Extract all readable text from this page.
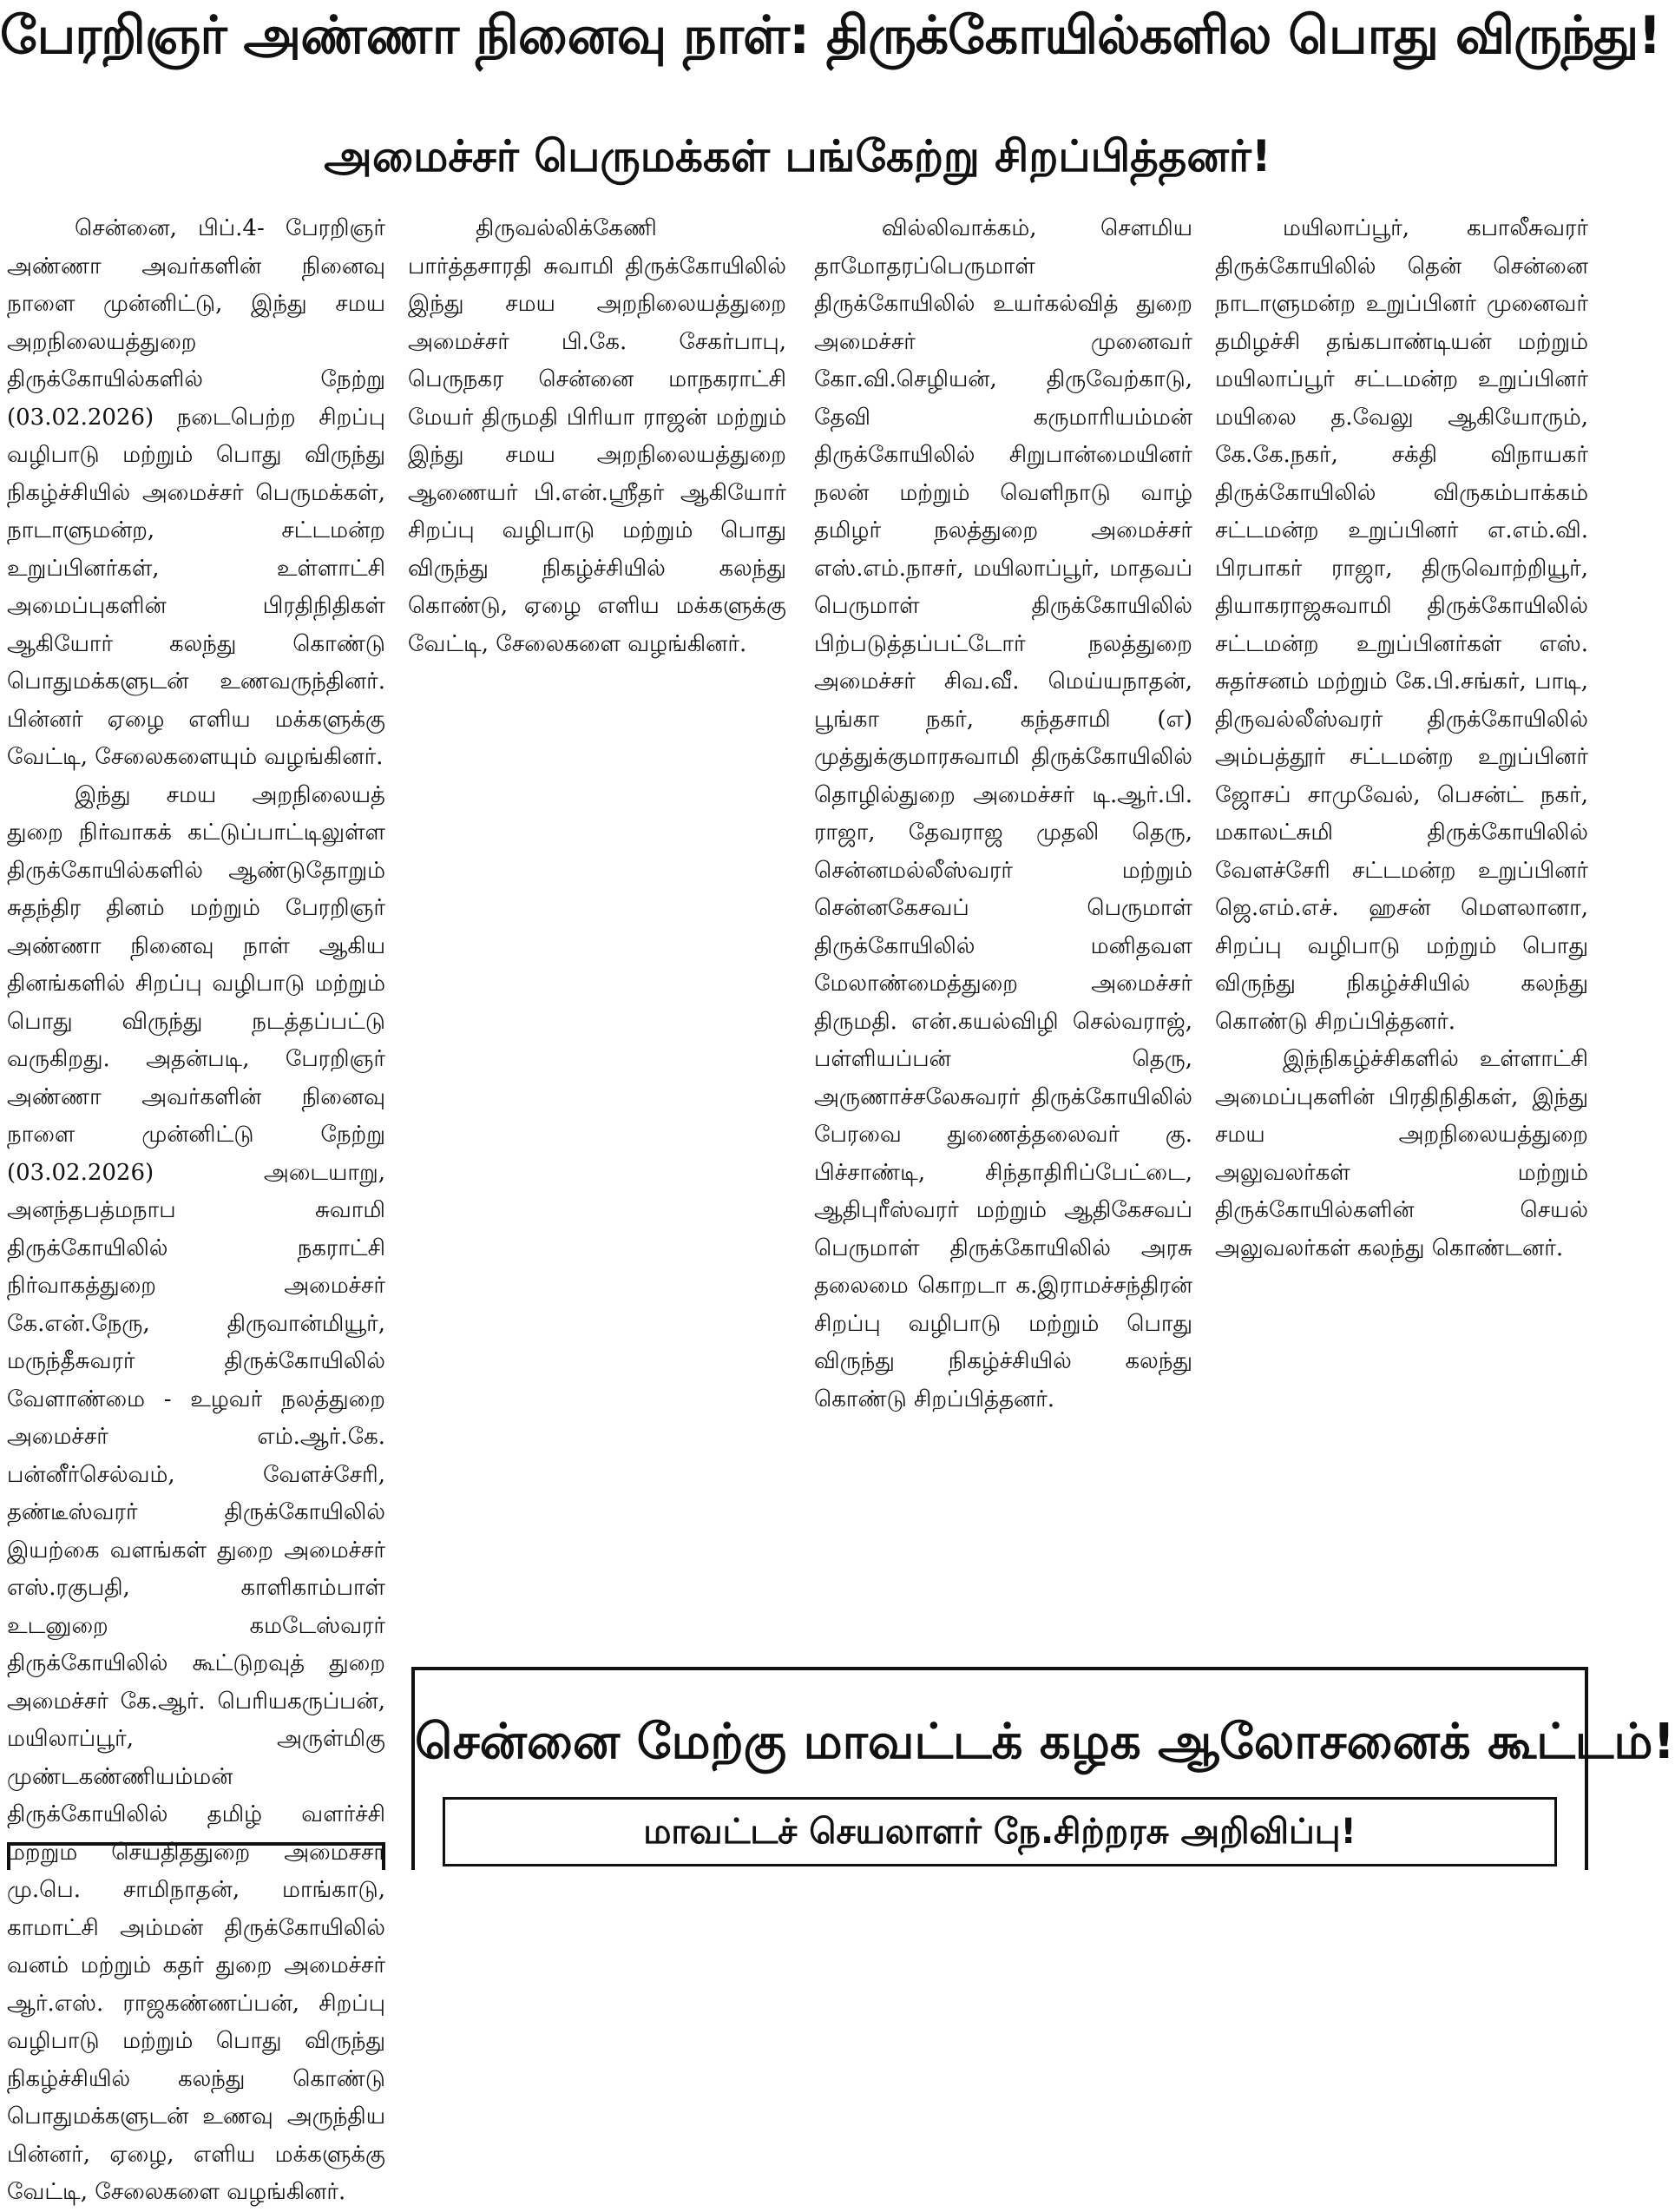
பேரறிஞர் அண்ணா நினைவு நாள்: திருக்கோயில்களில பொது விருந்து!
அமைச்சர் பெருமக்கள் பங்கேற்று சிறப்பித்தனர்!

சென்னை, பிப்.4- பேரறிஞர் அண்ணா அவர்களின் நினைவு நாளை முன்னிட்டு, இந்து சமய அறநிலையத்துறை திருக்கோயில்களில் நேற்று (03.02.2026) நடைபெற்ற சிறப்பு வழிபாடு மற்றும் பொது விருந்து நிகழ்ச்சியில் அமைச்சர் பெருமக்கள், நாடாளுமன்ற, சட்டமன்ற உறுப்பினர்கள், உள்ளாட்சி அமைப்புகளின் பிரதிநிதிகள் ஆகியோர் கலந்து கொண்டு பொதுமக்களுடன் உணவருந்தினர். பின்னர் ஏழை எளிய மக்களுக்கு வேட்டி, சேலைகளையும் வழங்கினர்.

இந்து சமய அறநிலையத் துறை நிர்வாகக் கட்டுப்பாட்டிலுள்ள திருக்கோயில்களில் ஆண்டுதோறும் சுதந்திர தினம் மற்றும் பேரறிஞர் அண்ணா நினைவு நாள் ஆகிய தினங்களில் சிறப்பு வழிபாடு மற்றும் பொது விருந்து நடத்தப்பட்டு வருகிறது. அதன்படி, பேரறிஞர் அண்ணா அவர்களின் நினைவு நாளை முன்னிட்டு நேற்று (03.02.2026) அடையாறு, அனந்தபத்மநாப சுவாமி திருக்கோயிலில் நகராட்சி நிர்வாகத்துறை அமைச்சர் கே.என்.நேரு, திருவான்மியூர், மருந்தீசுவரர் திருக்கோயிலில் வேளாண்மை - உழவர் நலத்துறை அமைச்சர் எம்.ஆர்.கே. பன்னீர்செல்வம், வேளச்சேரி, தண்டீஸ்வரர் திருக்கோயிலில் இயற்கை வளங்கள் துறை அமைச்சர் எஸ்.ரகுபதி, காளிகாம்பாள் உடனுறை கமடேஸ்வரர் திருக்கோயிலில் கூட்டுறவுத் துறை அமைச்சர் கே.ஆர். பெரியகருப்பன், மயிலாப்பூர், அருள்மிகு முண்டகண்ணியம்மன் திருக்கோயிலில் தமிழ் வளர்ச்சி மற்றும் செய்தித்துறை அமைச்சர் மு.பெ. சாமிநாதன், மாங்காடு, காமாட்சி அம்மன் திருக்கோயிலில் வனம் மற்றும் கதர் துறை அமைச்சர் ஆர்.எஸ். ராஜகண்ணப்பன், சிறப்பு வழிபாடு மற்றும் பொது விருந்து நிகழ்ச்சியில் கலந்து கொண்டு பொதுமக்களுடன் உணவு அருந்திய பின்னர், ஏழை, எளிய மக்களுக்கு வேட்டி, சேலைகளை வழங்கினர்.

திருவல்லிக்கேணி பார்த்தசாரதி சுவாமி திருக்கோயிலில் இந்து சமய அறநிலையத்துறை அமைச்சர் பி.கே. சேகர்பாபு, பெருநகர சென்னை மாநகராட்சி மேயர் திருமதி பிரியா ராஜன் மற்றும் இந்து சமய அறநிலையத்துறை ஆணையர் பி.என்.ஸ்ரீதர் ஆகியோர் சிறப்பு வழிபாடு மற்றும் பொது விருந்து நிகழ்ச்சியில் கலந்து கொண்டு, ஏழை எளிய மக்களுக்கு வேட்டி, சேலைகளை வழங்கினர்.

வில்லிவாக்கம், சௌமிய தாமோதரப்பெருமாள் திருக்கோயிலில் உயர்கல்வித் துறை அமைச்சர் முனைவர் கோ.வி.செழியன், திருவேற்காடு, தேவி கருமாரியம்மன் திருக்கோயிலில் சிறுபான்மையினர் நலன் மற்றும் வெளிநாடு வாழ் தமிழர் நலத்துறை அமைச்சர் எஸ்.எம்.நாசர், மயிலாப்பூர், மாதவப் பெருமாள் திருக்கோயிலில் பிற்படுத்தப்பட்டோர் நலத்துறை அமைச்சர் சிவ.வீ. மெய்யநாதன், பூங்கா நகர், கந்தசாமி (எ) முத்துக்குமாரசுவாமி திருக்கோயிலில் தொழில்துறை அமைச்சர் டி.ஆர்.பி. ராஜா, தேவராஜ முதலி தெரு, சென்னமல்லீஸ்வரர் மற்றும் சென்னகேசவப் பெருமாள் திருக்கோயிலில் மனிதவள மேலாண்மைத்துறை அமைச்சர் திருமதி. என்.கயல்விழி செல்வராஜ், பள்ளியப்பன் தெரு, அருணாச்சலேசுவரர் திருக்கோயிலில் பேரவை துணைத்தலைவர் கு. பிச்சாண்டி, சிந்தாதிரிப்பேட்டை, ஆதிபுரீஸ்வரர் மற்றும் ஆதிகேசவப் பெருமாள் திருக்கோயிலில் அரசு தலைமை கொறடா க.இராமச்சந்திரன் சிறப்பு வழிபாடு மற்றும் பொது விருந்து நிகழ்ச்சியில் கலந்து கொண்டு சிறப்பித்தனர்.

மயிலாப்பூர், கபாலீசுவரர் திருக்கோயிலில் தென் சென்னை நாடாளுமன்ற உறுப்பினர் முனைவர் தமிழச்சி தங்கபாண்டியன் மற்றும் மயிலாப்பூர் சட்டமன்ற உறுப்பினர் மயிலை த.வேலு ஆகியோரும், கே.கே.நகர், சக்தி விநாயகர் திருக்கோயிலில் விருகம்பாக்கம் சட்டமன்ற உறுப்பினர் எ.எம்.வி. பிரபாகர் ராஜா, திருவொற்றியூர், தியாகராஜசுவாமி திருக்கோயிலில் சட்டமன்ற உறுப்பினர்கள் எஸ். சுதர்சனம் மற்றும் கே.பி.சங்கர், பாடி, திருவல்லீஸ்வரர் திருக்கோயிலில் அம்பத்தூர் சட்டமன்ற உறுப்பினர் ஜோசப் சாமுவேல், பெசன்ட் நகர், மகாலட்சுமி திருக்கோயிலில் வேளச்சேரி சட்டமன்ற உறுப்பினர் ஜெ.எம்.எச். ஹசன் மௌலானா, சிறப்பு வழிபாடு மற்றும் பொது விருந்து நிகழ்ச்சியில் கலந்து கொண்டு சிறப்பித்தனர்.

இந்நிகழ்ச்சிகளில் உள்ளாட்சி அமைப்புகளின் பிரதிநிதிகள், இந்து சமய அறநிலையத்துறை அலுவலர்கள் மற்றும் திருக்கோயில்களின் செயல் அலுவலர்கள் கலந்து கொண்டனர்.

சென்னை மேற்கு மாவட்டக் கழக ஆலோசனைக் கூட்டம்!
மாவட்டச் செயலாளர் நே.சிற்றரசு அறிவிப்பு!
